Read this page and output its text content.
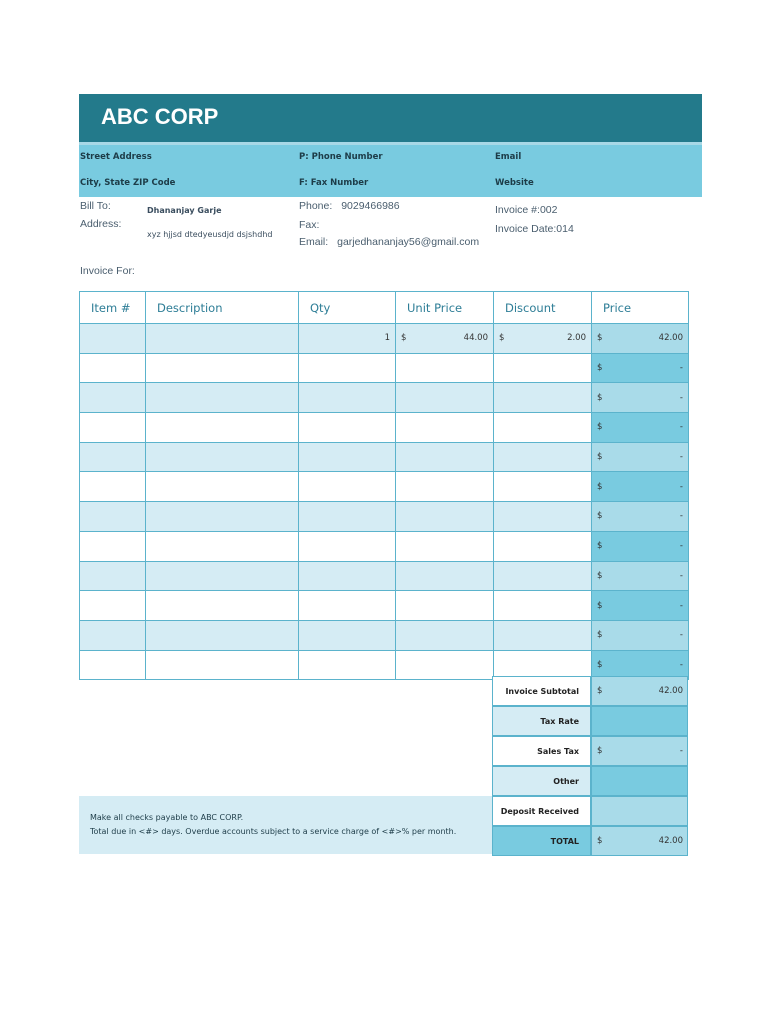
ABC CORP
Street Address
City, State ZIP Code
P: Phone Number
F: Fax Number
Email
Website
Bill To:
Address:
Dhananjay Garje
xyz hjjsd dtedyeusdjd dsjshdhd
Phone: 9029466986
Fax:
Email: garjedhananjay56@gmail.com
Invoice #:002
Invoice Date:014
Invoice For:
Item #	Description	Qty	Unit Price	Discount	Price
		1	$ 44.00	$ 2.00	$ 42.00

					$ -

					$ -

					$ -

					$ -

					$ -

					$ -

					$ -

					$ -

					$ -

					$ -

					$ -
Invoice Subtotal	$	42.00
Tax Rate
Sales Tax	$	-
Other
Deposit Received
TOTAL	$	42.00
Make all checks payable to ABC CORP.
Total due in <#> days. Overdue accounts subject to a service charge of <#>% per month.
